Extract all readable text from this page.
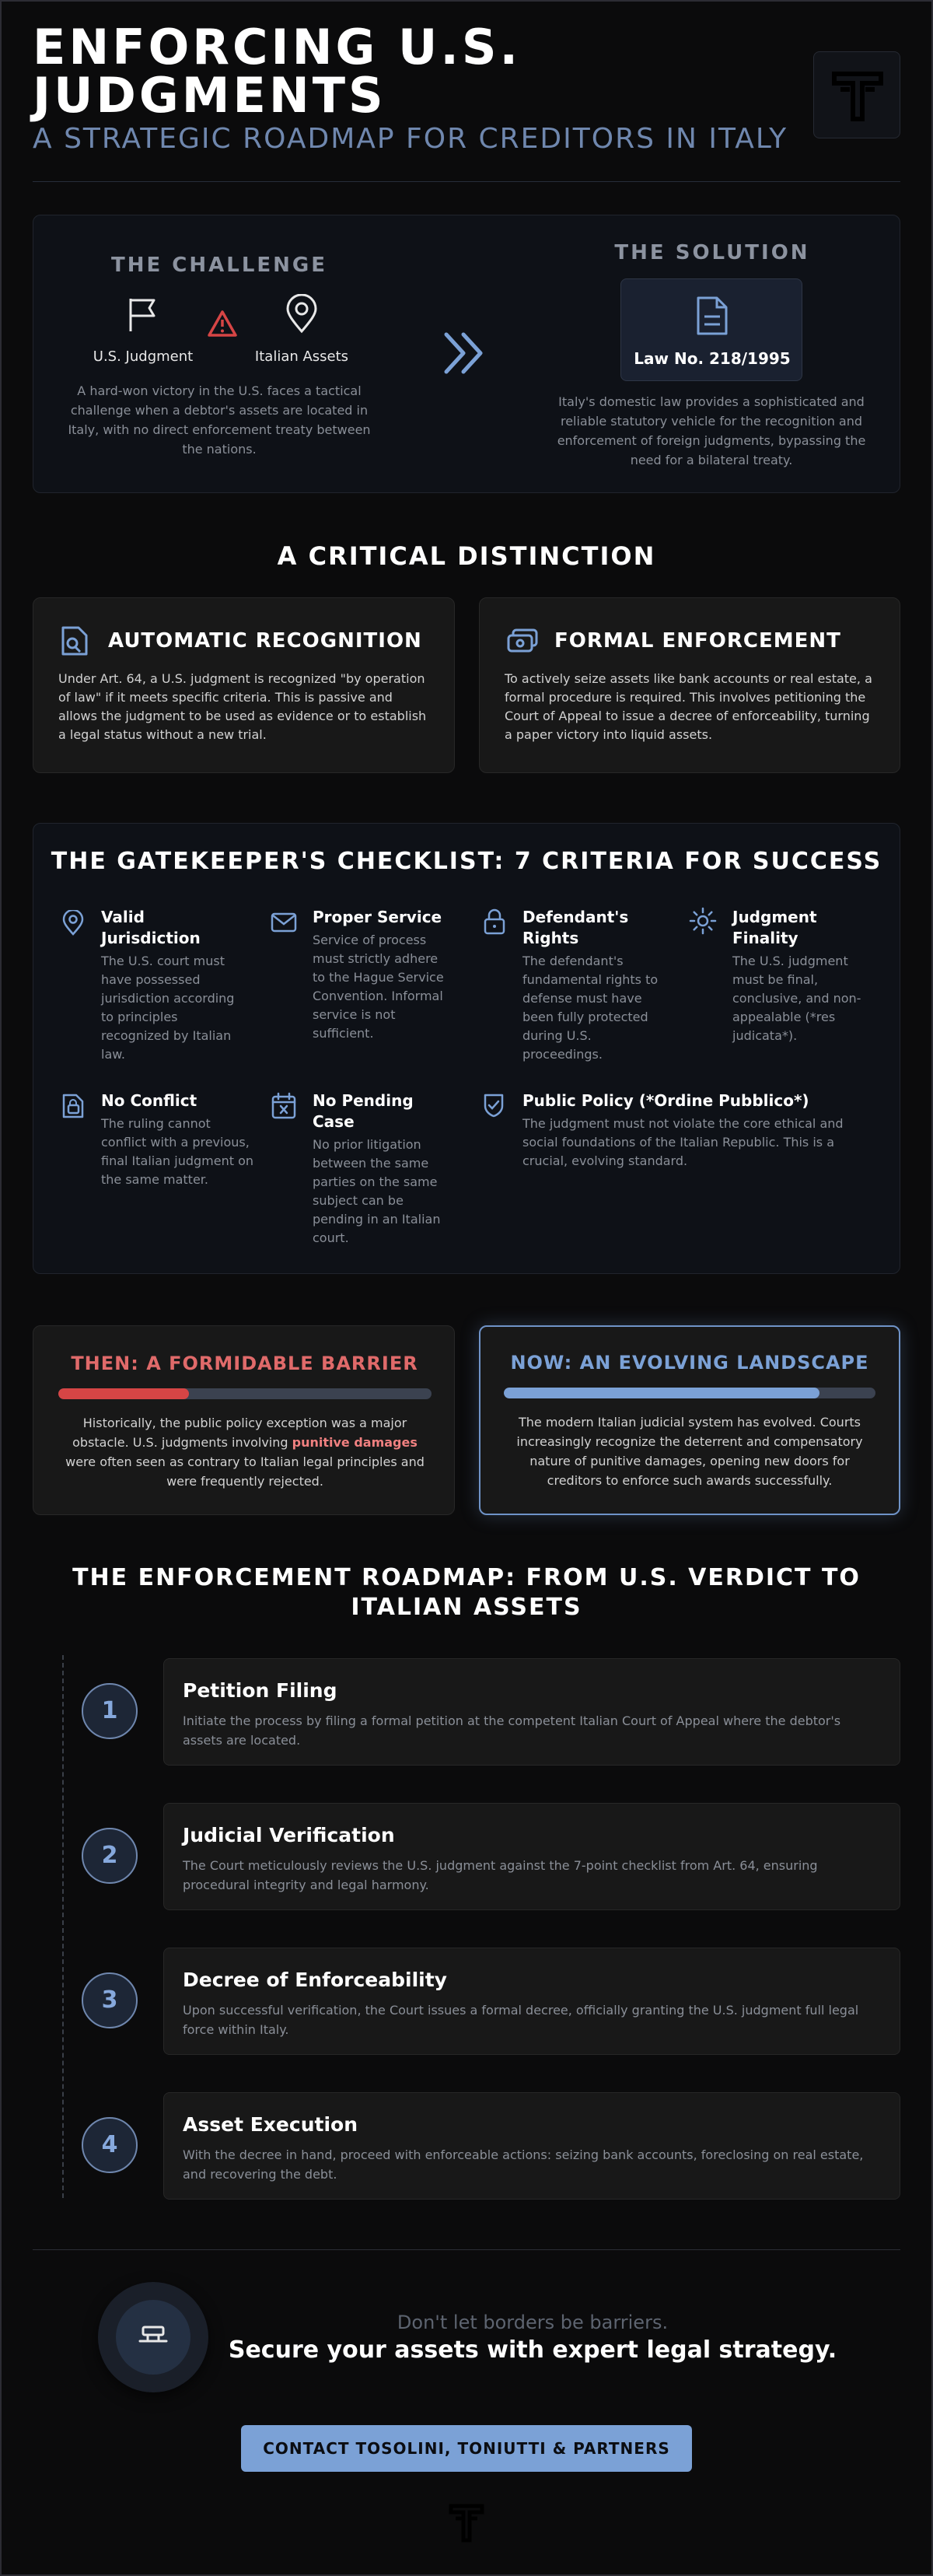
ENFORCING U.S. JUDGMENTS
A STRATEGIC ROADMAP FOR CREDITORS IN ITALY
THE CHALLENGE
U.S. Judgment	Italian Assets
A hard-won victory in the U.S. faces a tactical challenge when a debtor's assets are located in Italy, with no direct enforcement treaty between the nations.
THE SOLUTION
Law No. 218/1995
Italy's domestic law provides a sophisticated and reliable statutory vehicle for the recognition and enforcement of foreign judgments, bypassing the need for a bilateral treaty.
A CRITICAL DISTINCTION
AUTOMATIC RECOGNITION
Under Art. 64, a U.S. judgment is recognized "by operation of law" if it meets specific criteria. This is passive and allows the judgment to be used as evidence or to establish a legal status without a new trial.
FORMAL ENFORCEMENT
To actively seize assets like bank accounts or real estate, a formal procedure is required. This involves petitioning the Court of Appeal to issue a decree of enforceability, turning a paper victory into liquid assets.
THE GATEKEEPER'S CHECKLIST: 7 CRITERIA FOR SUCCESS
Valid Jurisdiction
The U.S. court must have possessed jurisdiction according to principles recognized by Italian law.
Proper Service
Service of process must strictly adhere to the Hague Service Convention. Informal service is not sufficient.
Defendant's Rights
The defendant's fundamental rights to defense must have been fully protected during U.S. proceedings.
Judgment Finality
The U.S. judgment must be final, conclusive, and non-appealable (*res judicata*).
No Conflict
The ruling cannot conflict with a previous, final Italian judgment on the same matter.
No Pending Case
No prior litigation between the same parties on the same subject can be pending in an Italian court.
Public Policy (*Ordine Pubblico*)
The judgment must not violate the core ethical and social foundations of the Italian Republic. This is a crucial, evolving standard.
THEN: A FORMIDABLE BARRIER
Historically, the public policy exception was a major obstacle. U.S. judgments involving punitive damages were often seen as contrary to Italian legal principles and were frequently rejected.
NOW: AN EVOLVING LANDSCAPE
The modern Italian judicial system has evolved. Courts increasingly recognize the deterrent and compensatory nature of punitive damages, opening new doors for creditors to enforce such awards successfully.
THE ENFORCEMENT ROADMAP: FROM U.S. VERDICT TO ITALIAN ASSETS
1
Petition Filing
Initiate the process by filing a formal petition at the competent Italian Court of Appeal where the debtor's assets are located.
2
Judicial Verification
The Court meticulously reviews the U.S. judgment against the 7-point checklist from Art. 64, ensuring procedural integrity and legal harmony.
3
Decree of Enforceability
Upon successful verification, the Court issues a formal decree, officially granting the U.S. judgment full legal force within Italy.
4
Asset Execution
With the decree in hand, proceed with enforceable actions: seizing bank accounts, foreclosing on real estate, and recovering the debt.
Don't let borders be barriers.
Secure your assets with expert legal strategy.
CONTACT TOSOLINI, TONIUTTI & PARTNERS
